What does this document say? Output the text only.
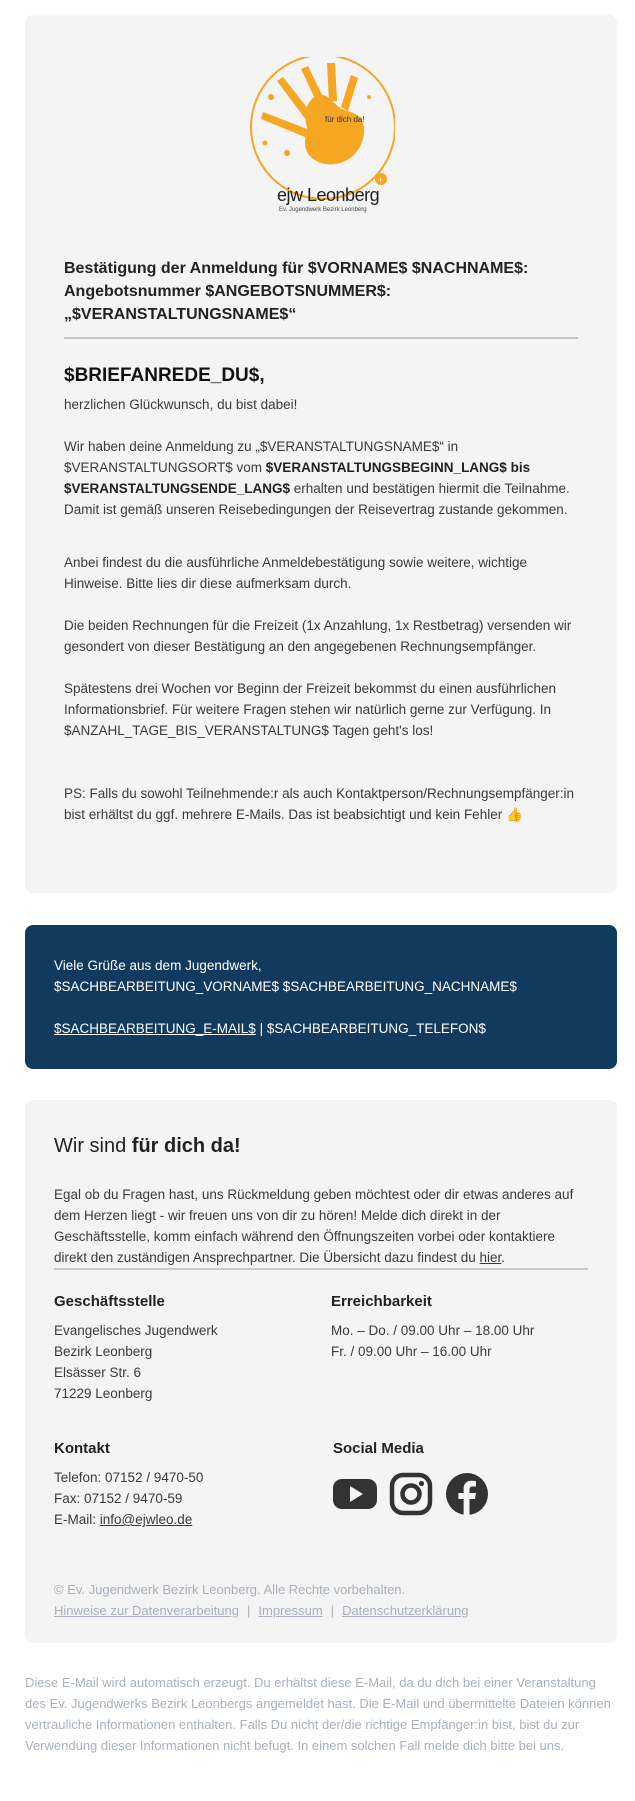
+
für dich da!
ejw Leonberg
Ev. Jugendwerk Bezirk Leonberg

Bestätigung der Anmeldung für $VORNAME$ $NACHNAME$: Angebotsnummer $ANGEBOTSNUMMER$: „$VERANSTALTUNGSNAME$“

$BRIEFANREDE_DU$,

herzlichen Glückwunsch, du bist dabei!

Wir haben deine Anmeldung zu „$VERANSTALTUNGSNAME$“ in $VERANSTALTUNGSORT$ vom $VERANSTALTUNGSBEGINN_LANG$ bis $VERANSTALTUNGSENDE_LANG$ erhalten und bestätigen hiermit die Teilnahme. Damit ist gemäß unseren Reisebedingungen der Reisevertrag zustande gekommen.

Anbei findest du die ausführliche Anmeldebestätigung sowie weitere, wichtige Hinweise. Bitte lies dir diese aufmerksam durch.

Die beiden Rechnungen für die Freizeit (1x Anzahlung, 1x Restbetrag) versenden wir gesondert von dieser Bestätigung an den angegebenen Rechnungsempfänger.

Spätestens drei Wochen vor Beginn der Freizeit bekommst du einen ausführlichen Informationsbrief. Für weitere Fragen stehen wir natürlich gerne zur Verfügung. In $ANZAHL_TAGE_BIS_VERANSTALTUNG$ Tagen geht's los!

PS: Falls du sowohl Teilnehmende:r als auch Kontaktperson/Rechnungsempfänger:in bist erhältst du ggf. mehrere E-Mails. Das ist beabsichtigt und kein Fehler 👍

Viele Grüße aus dem Jugendwerk,

$SACHBEARBEITUNG_VORNAME$ $SACHBEARBEITUNG_NACHNAME$

$SACHBEARBEITUNG_E-MAIL$ | $SACHBEARBEITUNG_TELEFON$

Wir sind für dich da!

Egal ob du Fragen hast, uns Rückmeldung geben möchtest oder dir etwas anderes auf dem Herzen liegt - wir freuen uns von dir zu hören! Melde dich direkt in der Geschäftsstelle, komm einfach während den Öffnungszeiten vorbei oder kontaktiere direkt den zuständigen Ansprechpartner. Die Übersicht dazu findest du hier.

Geschäftsstelle

Evangelisches Jugendwerk
Bezirk Leonberg
Elsässer Str. 6
71229 Leonberg

Erreichbarkeit

Mo. – Do. / 09.00 Uhr – 18.00 Uhr
Fr. / 09.00 Uhr – 16.00 Uhr

Kontakt

Telefon: 07152 / 9470-50
Fax: 07152 / 9470-59
E-Mail: info@ejwleo.de

Social Media

© Ev. Jugendwerk Bezirk Leonberg. Alle Rechte vorbehalten.

Hinweise zur Datenverarbeitung | Impressum | Datenschutzerklärung

Diese E-Mail wird automatisch erzeugt. Du erhältst diese E-Mail, da du dich bei einer Veranstaltung des Ev. Jugendwerks Bezirk Leonbergs angemeldet hast. Die E-Mail und übermittelte Dateien können vertrauliche Informationen enthalten. Falls Du nicht der/die richtige Empfänger:in bist, bist du zur Verwendung dieser Informationen nicht befugt. In einem solchen Fall melde dich bitte bei uns.
